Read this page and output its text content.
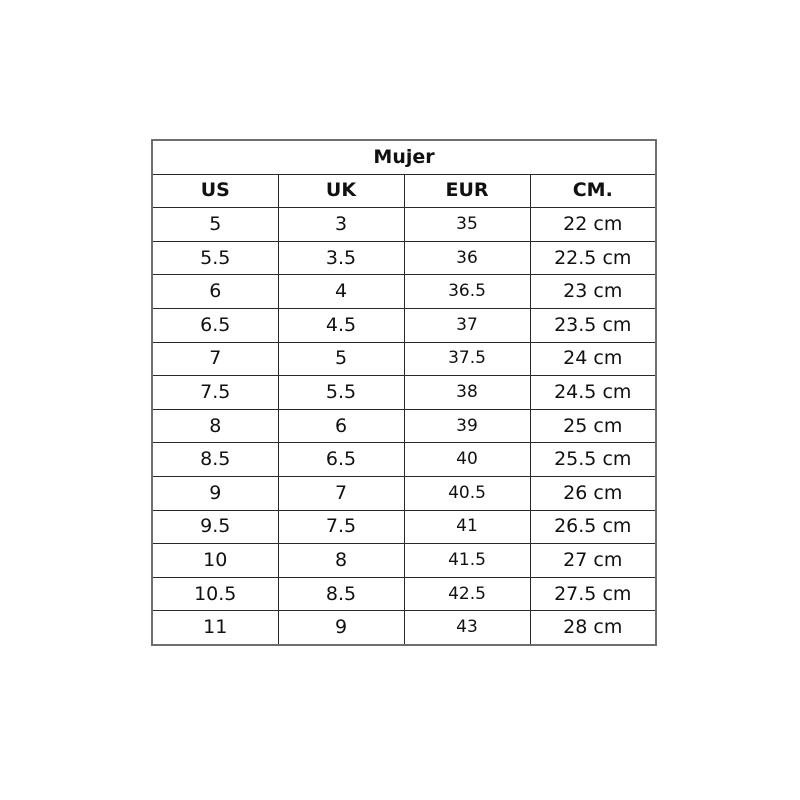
Mujer			
US	UK	EUR	CM.
5	3	35	22 cm
5.5	3.5	36	22.5 cm
6	4	36.5	23 cm
6.5	4.5	37	23.5 cm
7	5	37.5	24 cm
7.5	5.5	38	24.5 cm
8	6	39	25 cm
8.5	6.5	40	25.5 cm
9	7	40.5	26 cm
9.5	7.5	41	26.5 cm
10	8	41.5	27 cm
10.5	8.5	42.5	27.5 cm
11	9	43	28 cm
